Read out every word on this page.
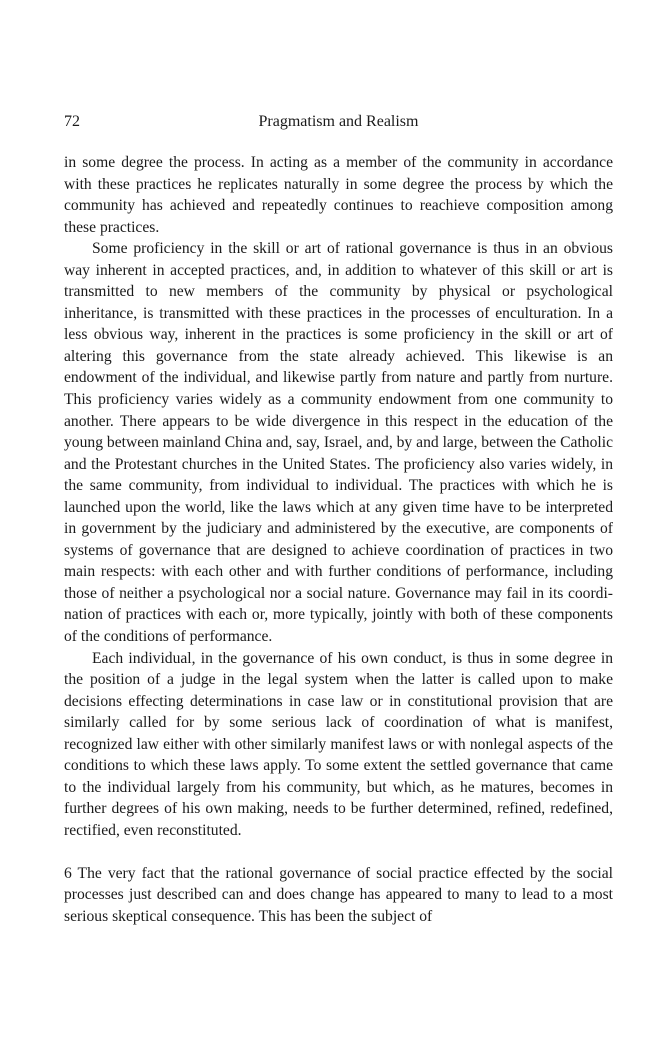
72	Pragmatism and Realism

in some degree the process. In acting as a member of the community in accordance with these practices he replicates naturally in some degree the process by which the community has achieved and repeatedly continues to reachieve composition among these practices.

Some proficiency in the skill or art of rational governance is thus in an obvious way inherent in accepted practices, and, in addition to whatever of this skill or art is transmitted to new members of the community by physical or psychological inheritance, is transmitted with these practices in the processes of enculturation. In a less obvious way, inherent in the practices is some proficiency in the skill or art of altering this governance from the state already achieved. This likewise is an endowment of the individual, and likewise partly from nature and partly from nurture. This proficiency varies widely as a community endowment from one community to another. There appears to be wide divergence in this respect in the education of the young between mainland China and, say, Israel, and, by and large, between the Catholic and the Protestant churches in the United States. The proficiency also varies widely, in the same community, from individual to individual. The practices with which he is launched upon the world, like the laws which at any given time have to be interpreted in government by the judiciary and administered by the executive, are components of systems of governance that are designed to achieve coordination of practices in two main respects: with each other and with further conditions of performance, including those of neither a psychological nor a social nature. Governance may fail in its coordination of practices with each or, more typically, jointly with both of these components of the conditions of performance.

Each individual, in the governance of his own conduct, is thus in some degree in the position of a judge in the legal system when the latter is called upon to make decisions effecting determinations in case law or in constitutional provision that are similarly called for by some serious lack of coordination of what is manifest, recognized law either with other similarly manifest laws or with nonlegal aspects of the conditions to which these laws apply. To some extent the settled governance that came to the individual largely from his community, but which, as he matures, becomes in further degrees of his own making, needs to be further determined, refined, redefined, rectified, even reconstituted.

6 The very fact that the rational governance of social practice effected by the social processes just described can and does change has appeared to many to lead to a most serious skeptical consequence. This has been the subject of
